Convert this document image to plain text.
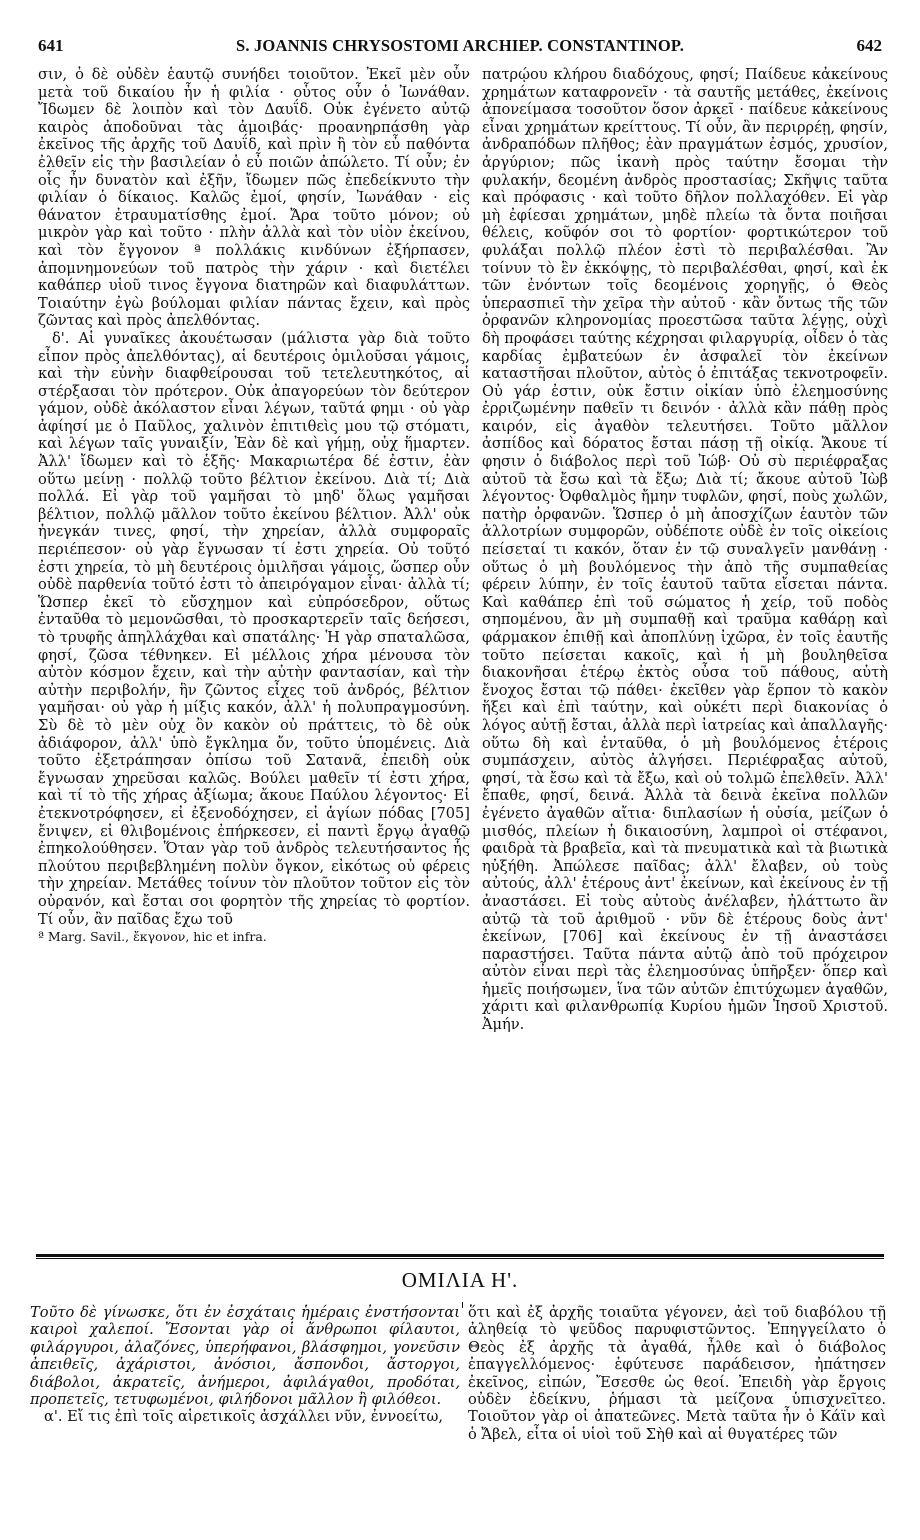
641	S. JOANNIS CHRYSOSTOMI ARCHIEP. CONSTANTINOP.	642

σιν, ὁ δὲ οὐδὲν ἑαυτῷ συνήδει τοιοῦτον. Ἐκεῖ μὲν οὖν μετὰ τοῦ δικαίου ἦν ἡ φιλία · οὗτος οὖν ὁ Ἰωνάθαν. Ἴδωμεν δὲ λοιπὸν καὶ τὸν Δαυΐδ. Οὐκ ἐγένετο αὐτῷ καιρὸς ἀποδοῦναι τὰς ἀμοιβάς· προανηρπάσθη γὰρ ἐκεῖνος τῆς ἀρχῆς τοῦ Δαυΐδ, καὶ πρὶν ἢ τὸν εὖ παθόντα ἐλθεῖν εἰς τὴν βασιλείαν ὁ εὖ ποιῶν ἀπώλετο. Τί οὖν; ἐν οἷς ἦν δυνατὸν καὶ ἐξῆν, ἴδωμεν πῶς ἐπεδείκνυτο τὴν φιλίαν ὁ δίκαιος. Καλῶς ἐμοί, φησίν, Ἰωνάθαν · εἰς θάνατον ἐτραυματίσθης ἐμοί. Ἄρα τοῦτο μόνον; οὐ μικρὸν γὰρ καὶ τοῦτο · πλὴν ἀλλὰ καὶ τὸν υἱὸν ἐκείνου, καὶ τὸν ἔγγονον ª πολλάκις κινδύνων ἐξήρπασεν, ἀπομνημονεύων τοῦ πατρὸς τὴν χάριν · καὶ διετέλει καθάπερ υἱοῦ τινος ἔγγονα διατηρῶν καὶ διαφυλάττων. Τοιαύτην ἐγὼ βούλομαι φιλίαν πάντας ἔχειν, καὶ πρὸς ζῶντας καὶ πρὸς ἀπελθόντας.

δ'. Αἱ γυναῖκες ἀκουέτωσαν (μάλιστα γὰρ διὰ τοῦτο εἶπον πρὸς ἀπελθόντας), αἱ δευτέροις ὁμιλοῦσαι γάμοις, καὶ τὴν εὐνὴν διαφθείρουσαι τοῦ τετελευτηκότος, αἱ στέρξασαι τὸν πρότερον. Οὐκ ἀπαγορεύων τὸν δεύτερον γάμον, οὐδὲ ἀκόλαστον εἶναι λέγων, ταῦτά φημι · οὐ γὰρ ἀφίησί με ὁ Παῦλος, χαλινὸν ἐπιτιθεὶς μου τῷ στόματι, καὶ λέγων ταῖς γυναιξίν, Ἐὰν δὲ καὶ γήμῃ, οὐχ ἥμαρτεν. Ἀλλ' ἴδωμεν καὶ τὸ ἑξῆς· Μακαριωτέρα δέ ἐστιν, ἐὰν οὕτω μείνῃ · πολλῷ τοῦτο βέλτιον ἐκείνου. Διὰ τί; Διὰ πολλά. Εἰ γὰρ τοῦ γαμῆσαι τὸ μηδ' ὅλως γαμῆσαι βέλτιον, πολλῷ μᾶλλον τοῦτο ἐκείνου βέλτιον. Ἀλλ' οὐκ ἠνεγκάν τινες, φησί, τὴν χηρείαν, ἀλλὰ συμφοραῖς περιέπεσον· οὐ γὰρ ἔγνωσαν τί ἐστι χηρεία. Οὐ τοῦτό ἐστι χηρεία, τὸ μὴ δευτέροις ὁμιλῆσαι γάμοις, ὥσπερ οὖν οὐδὲ παρθενία τοῦτό ἐστι τὸ ἀπειρόγαμον εἶναι· ἀλλὰ τί; Ὥσπερ ἐκεῖ τὸ εὔσχημον καὶ εὐπρόσεδρον, οὕτως ἐνταῦθα τὸ μεμονῶσθαι, τὸ προσκαρτερεῖν ταῖς δεήσεσι, τὸ τρυφῆς ἀπηλλάχθαι καὶ σπατάλης· Ἡ γὰρ σπαταλῶσα, φησί, ζῶσα τέθνηκεν. Εἰ μέλλοις χήρα μένουσα τὸν αὐτὸν κόσμον ἔχειν, καὶ τὴν αὐτὴν φαντασίαν, καὶ τὴν αὐτὴν περιβολήν, ἣν ζῶντος εἶχες τοῦ ἀνδρός, βέλτιον γαμῆσαι· οὐ γὰρ ἡ μίξις κακόν, ἀλλ' ἡ πολυπραγμοσύνη. Σὺ δὲ τὸ μὲν οὐχ ὂν κακὸν οὐ πράττεις, τὸ δὲ οὐκ ἀδιάφορον, ἀλλ' ὑπὸ ἔγκλημα ὄν, τοῦτο ὑπομένεις. Διὰ τοῦτο ἐξετράπησαν ὀπίσω τοῦ Σατανᾶ, ἐπειδὴ οὐκ ἔγνωσαν χηρεῦσαι καλῶς. Βούλει μαθεῖν τί ἐστι χήρα, καὶ τί τὸ τῆς χήρας ἀξίωμα; ἄκουε Παύλου λέγοντος· Εἰ ἐτεκνοτρόφησεν, εἰ ἐξενοδόχησεν, εἰ ἁγίων πόδας [705] ἔνιψεν, εἰ θλιβομένοις ἐπήρκεσεν, εἰ παντὶ ἔργῳ ἀγαθῷ ἐπηκολούθησεν. Ὅταν γὰρ τοῦ ἀνδρὸς τελευτήσαντος ἧς πλούτου περιβεβλημένη πολὺν ὄγκον, εἰκότως οὐ φέρεις τὴν χηρείαν. Μετάθες τοίνυν τὸν πλοῦτον τοῦτον εἰς τὸν οὐρανόν, καὶ ἔσται σοι φορητὸν τῆς χηρείας τὸ φορτίον. Τί οὖν, ἂν παῖδας ἔχω τοῦ

ª Marg. Savil., ἔκγονον, hic et infra.

πατρῴου κλήρου διαδόχους, φησί; Παίδευε κἀκείνους χρημάτων καταφρονεῖν · τὰ σαυτῆς μετάθες, ἐκείνοις ἀπονείμασα τοσοῦτον ὅσον ἀρκεῖ · παίδευε κἀκείνους εἶναι χρημάτων κρείττους. Τί οὖν, ἂν περιρρέῃ, φησίν, ἀνδραπόδων πλῆθος; ἐὰν πραγμάτων ἐσμός, χρυσίον, ἀργύριον; πῶς ἱκανὴ πρὸς ταύτην ἔσομαι τὴν φυλακήν, δεομένη ἀνδρὸς προστασίας; Σκῆψις ταῦτα καὶ πρόφασις · καὶ τοῦτο δῆλον πολλαχόθεν. Εἰ γὰρ μὴ ἐφίεσαι χρημάτων, μηδὲ πλείω τὰ ὄντα ποιῆσαι θέλεις, κοῦφόν σοι τὸ φορτίον· φορτικώτερον τοῦ φυλάξαι πολλῷ πλέον ἐστὶ τὸ περιβαλέσθαι. Ἂν τοίνυν τὸ ἓν ἐκκόψῃς, τὸ περιβαλέσθαι, φησί, καὶ ἐκ τῶν ἐνόντων τοῖς δεομένοις χορηγῇς, ὁ Θεὸς ὑπερασπιεῖ τὴν χεῖρα τὴν αὐτοῦ · κἂν ὄντως τῆς τῶν ὀρφανῶν κληρονομίας προεστῶσα ταῦτα λέγῃς, οὐχὶ δὴ προφάσει ταύτης κέχρησαι φιλαργυρίᾳ, οἶδεν ὁ τὰς καρδίας ἐμβατεύων ἐν ἀσφαλεῖ τὸν ἐκείνων καταστῆσαι πλοῦτον, αὐτὸς ὁ ἐπιτάξας τεκνοτροφεῖν. Οὐ γάρ ἐστιν, οὐκ ἔστιν οἰκίαν ὑπὸ ἐλεημοσύνης ἐρριζωμένην παθεῖν τι δεινόν · ἀλλὰ κἂν πάθῃ πρὸς καιρόν, εἰς ἀγαθὸν τελευτήσει. Τοῦτο μᾶλλον ἀσπίδος καὶ δόρατος ἔσται πάσῃ τῇ οἰκίᾳ. Ἄκουε τί φησιν ὁ διάβολος περὶ τοῦ Ἰώβ· Οὐ σὺ περιέφραξας αὐτοῦ τὰ ἔσω καὶ τὰ ἔξω; Διὰ τί; ἄκουε αὐτοῦ Ἰὼβ λέγοντος· Ὀφθαλμὸς ἤμην τυφλῶν, φησί, ποὺς χωλῶν, πατὴρ ὀρφανῶν. Ὥσπερ ὁ μὴ ἀποσχίζων ἑαυτὸν τῶν ἀλλοτρίων συμφορῶν, οὐδέποτε οὐδὲ ἐν τοῖς οἰκείοις πείσεταί τι κακόν, ὅταν ἐν τῷ συναλγεῖν μανθάνῃ · οὕτως ὁ μὴ βουλόμενος τὴν ἀπὸ τῆς συμπαθείας φέρειν λύπην, ἐν τοῖς ἑαυτοῦ ταῦτα εἴσεται πάντα. Καὶ καθάπερ ἐπὶ τοῦ σώματος ἡ χείρ, τοῦ ποδὸς σηπομένου, ἂν μὴ συμπαθῇ καὶ τραῦμα καθάρῃ καὶ φάρμακον ἐπιθῇ καὶ ἀποπλύνῃ ἰχῶρα, ἐν τοῖς ἑαυτῆς τοῦτο πείσεται κακοῖς, καὶ ἡ μὴ βουληθεῖσα διακονῆσαι ἑτέρῳ ἐκτὸς οὖσα τοῦ πάθους, αὐτὴ ἔνοχος ἔσται τῷ πάθει· ἐκεῖθεν γὰρ ἕρπον τὸ κακὸν ἥξει καὶ ἐπὶ ταύτην, καὶ οὐκέτι περὶ διακονίας ὁ λόγος αὐτῇ ἔσται, ἀλλὰ περὶ ἰατρείας καὶ ἀπαλλαγῆς· οὕτω δὴ καὶ ἐνταῦθα, ὁ μὴ βουλόμενος ἑτέροις συμπάσχειν, αὐτὸς ἀλγήσει. Περιέφραξας αὐτοῦ, φησί, τὰ ἔσω καὶ τὰ ἔξω, καὶ οὐ τολμῶ ἐπελθεῖν. Ἀλλ' ἔπαθε, φησί, δεινά. Ἀλλὰ τὰ δεινὰ ἐκεῖνα πολλῶν ἐγένετο ἀγαθῶν αἴτια· διπλασίων ἡ οὐσία, μείζων ὁ μισθός, πλείων ἡ δικαιοσύνη, λαμπροὶ οἱ στέφανοι, φαιδρὰ τὰ βραβεῖα, καὶ τὰ πνευματικὰ καὶ τὰ βιωτικὰ ηὐξήθη. Ἀπώλεσε παῖδας; ἀλλ' ἔλαβεν, οὐ τοὺς αὐτούς, ἀλλ' ἑτέρους ἀντ' ἐκείνων, καὶ ἐκείνους ἐν τῇ ἀναστάσει. Εἰ τοὺς αὐτοὺς ἀνέλαβεν, ἠλάττωτο ἂν αὐτῷ τὰ τοῦ ἀριθμοῦ · νῦν δὲ ἑτέρους δοὺς ἀντ' ἐκείνων, [706] καὶ ἐκείνους ἐν τῇ ἀναστάσει παραστήσει. Ταῦτα πάντα αὐτῷ ἀπὸ τοῦ πρόχειρον αὐτὸν εἶναι περὶ τὰς ἐλεημοσύνας ὑπῆρξεν· ὅπερ καὶ ἡμεῖς ποιήσωμεν, ἵνα τῶν αὐτῶν ἐπιτύχωμεν ἀγαθῶν, χάριτι καὶ φιλανθρωπίᾳ Κυρίου ἡμῶν Ἰησοῦ Χριστοῦ. Ἀμήν.

ΟΜΙΛΙΑ Η'.

Τοῦτο δὲ γίνωσκε, ὅτι ἐν ἐσχάταις ἡμέραις ἐνστήσονται καιροὶ χαλεποί. Ἔσονται γὰρ οἱ ἄνθρωποι φίλαυτοι, φιλάργυροι, ἀλαζόνες, ὑπερήφανοι, βλάσφημοι, γονεῦσιν ἀπειθεῖς, ἀχάριστοι, ἀνόσιοι, ἄσπονδοι, ἄστοργοι, διάβολοι, ἀκρατεῖς, ἀνήμεροι, ἀφιλάγαθοι, προδόται, προπετεῖς, τετυφωμένοι, φιλήδονοι μᾶλλον ἢ φιλόθεοι.

α'. Εἴ τις ἐπὶ τοῖς αἱρετικοῖς ἀσχάλλει νῦν, ἐννοείτω,

ὅτι καὶ ἐξ ἀρχῆς τοιαῦτα γέγονεν, ἀεὶ τοῦ διαβόλου τῇ ἀληθείᾳ τὸ ψεῦδος παρυφιστῶντος. Ἐπηγγείλατο ὁ Θεὸς ἐξ ἀρχῆς τὰ ἀγαθά, ἦλθε καὶ ὁ διάβολος ἐπαγγελλόμενος· ἐφύτευσε παράδεισον, ἠπάτησεν ἐκεῖνος, εἰπών, Ἔσεσθε ὡς θεοί. Ἐπειδὴ γὰρ ἔργοις οὐδὲν ἐδείκνυ, ῥήμασι τὰ μείζονα ὑπισχνεῖτεο. Τοιοῦτον γὰρ οἱ ἀπατεῶνες. Μετὰ ταῦτα ἦν ὁ Κάϊν καὶ ὁ Ἄβελ, εἶτα οἱ υἱοὶ τοῦ Σὴθ καὶ αἱ θυγατέρες τῶν
